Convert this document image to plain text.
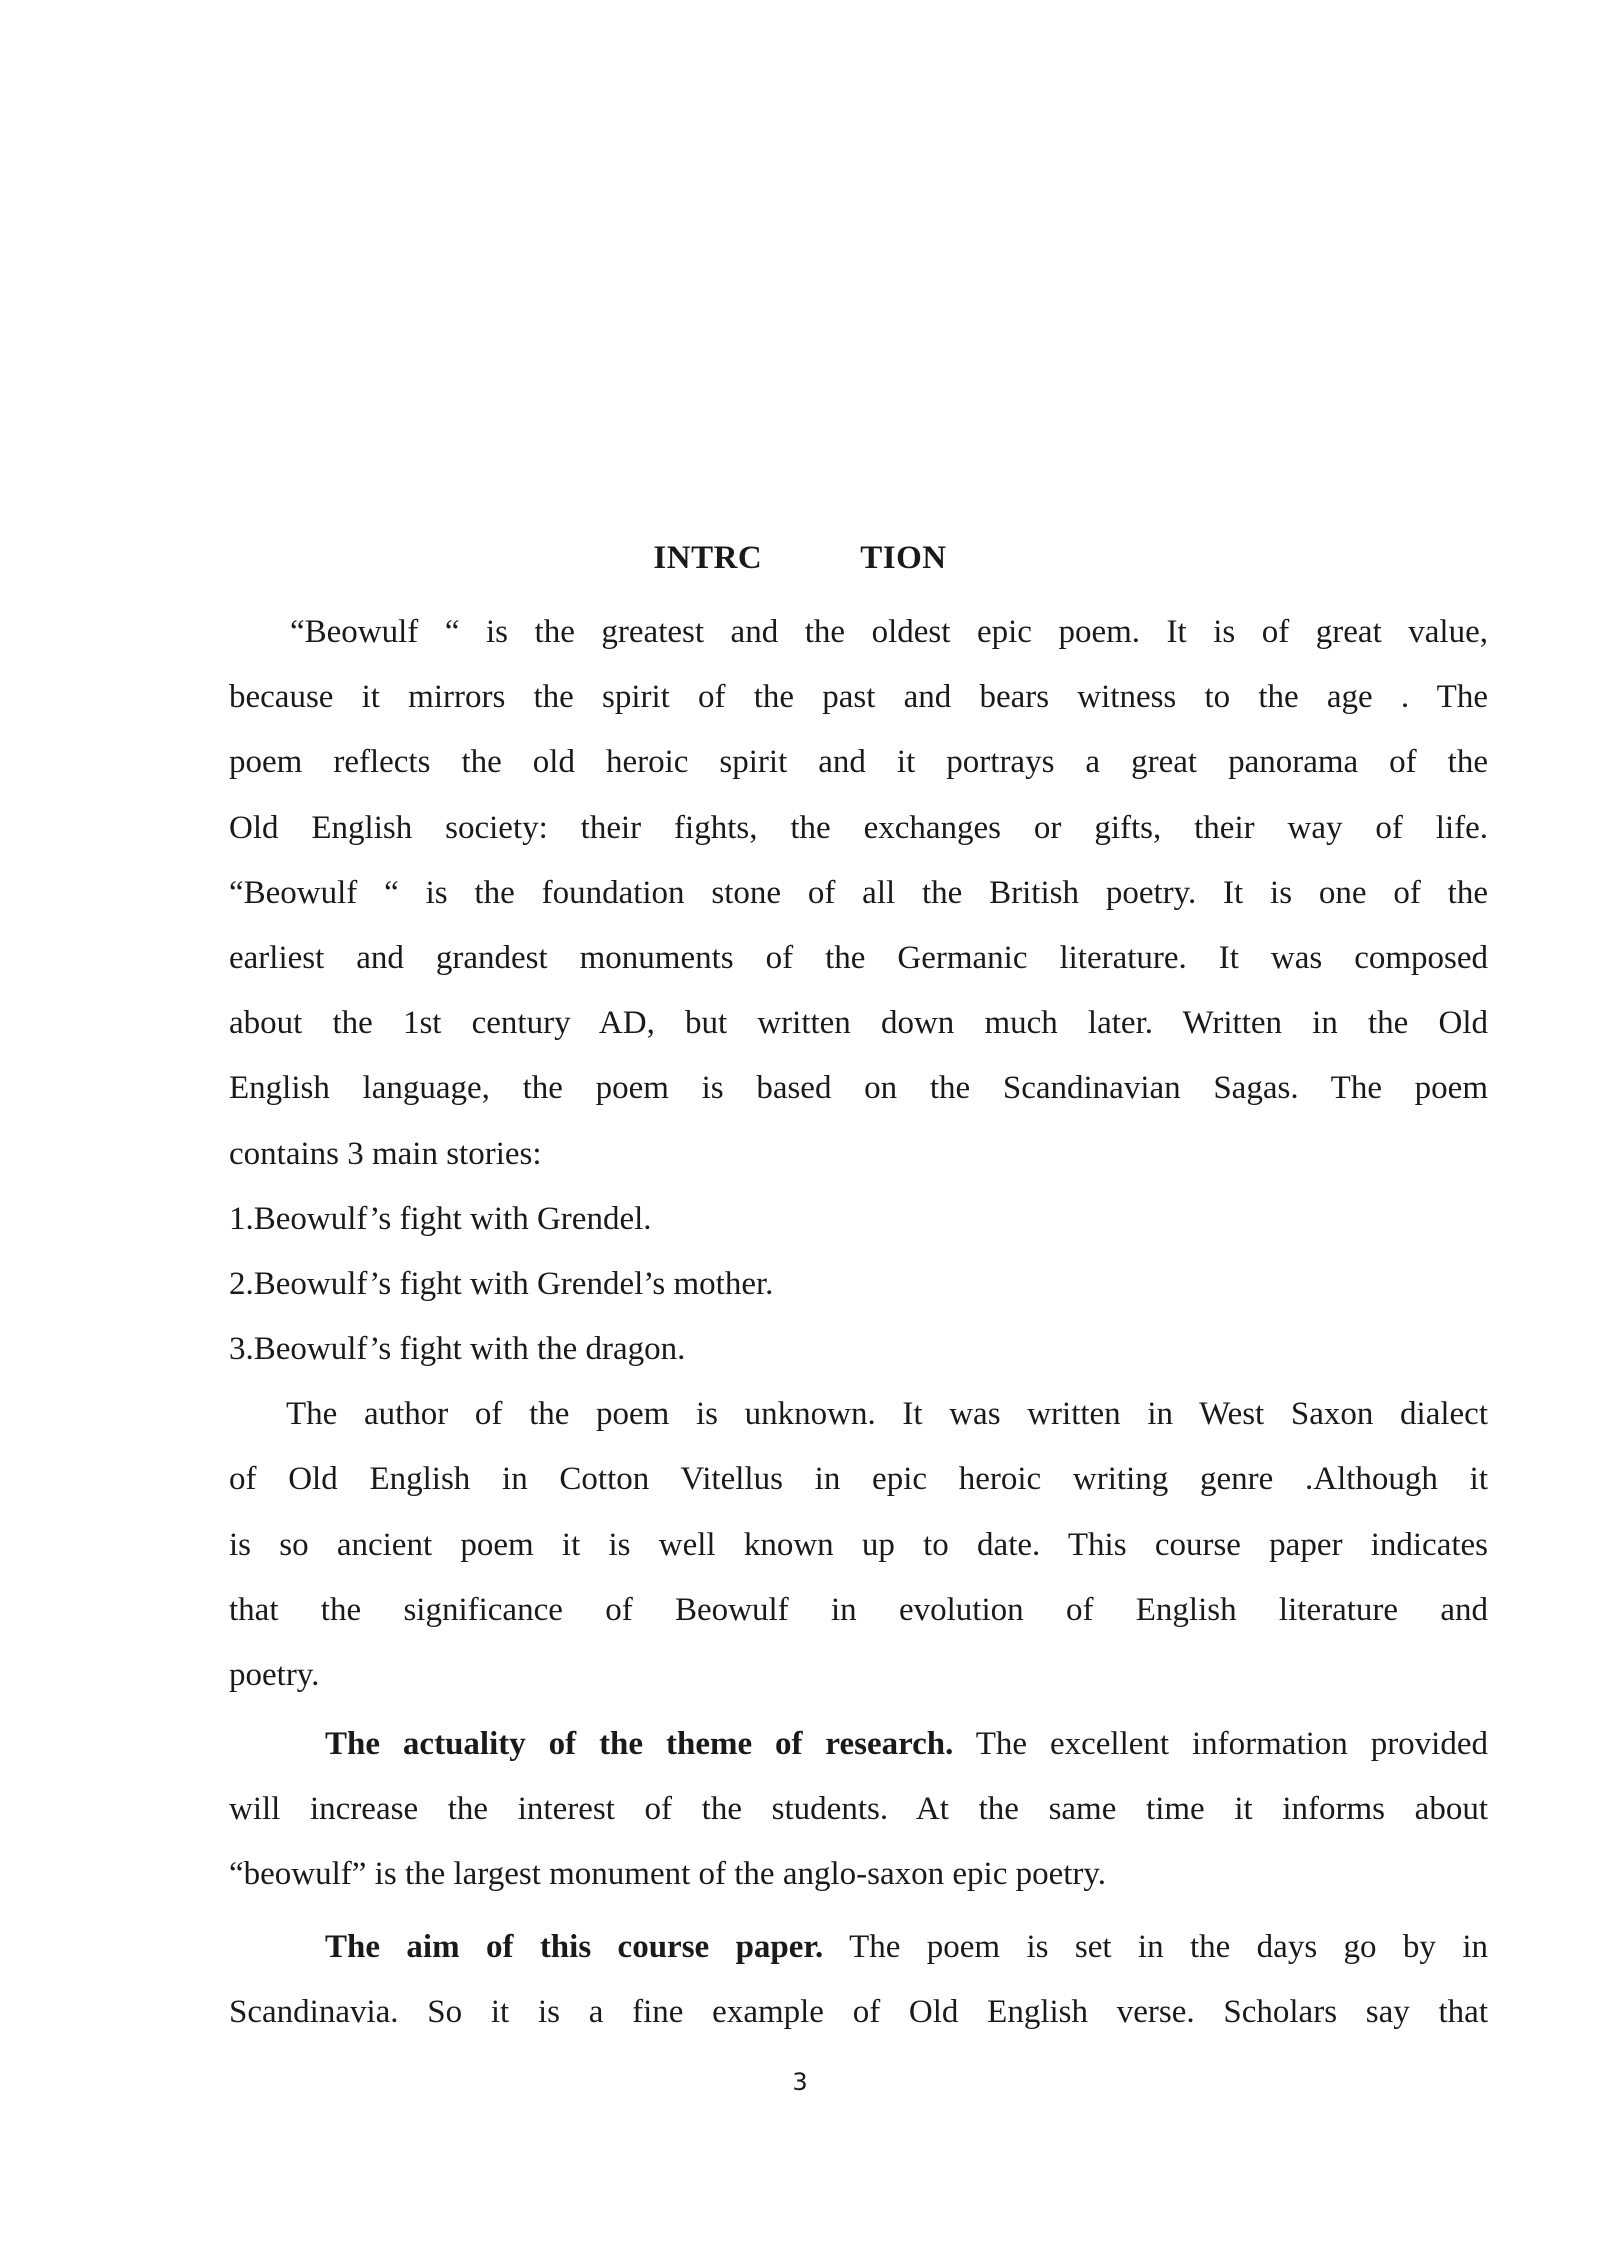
INTRC	TION
“Beowulf “ is the greatest and the oldest epic poem. It is of great value,
because it mirrors the spirit of the past and bears witness to the age . The
poem reflects the old heroic spirit and it portrays a great panorama of the
Old English society: their fights, the exchanges or gifts, their way of life.
“Beowulf “ is the foundation stone of all the British poetry. It is one of the
earliest and grandest monuments of the Germanic literature. It was composed
about the 1st century AD, but written down much later. Written in the Old
English language, the poem is based on the Scandinavian Sagas. The poem
contains 3 main stories:
1.Beowulf’s fight with Grendel.
2.Beowulf’s fight with Grendel’s mother.
3.Beowulf’s fight with the dragon.
The author of the poem is unknown. It was written in West Saxon dialect
of Old English in Cotton Vitellus in epic heroic writing genre .Although it
is so ancient poem it is well known up to date. This course paper indicates
that the significance of Beowulf in evolution of English literature and
poetry.
The actuality of the theme of research. The excellent information provided
will increase the interest of the students. At the same time it informs about
“beowulf” is the largest monument of the anglo-saxon epic poetry.
The aim of this course paper. The poem is set in the days go by in
Scandinavia. So it is a fine example of Old English verse. Scholars say that
3
